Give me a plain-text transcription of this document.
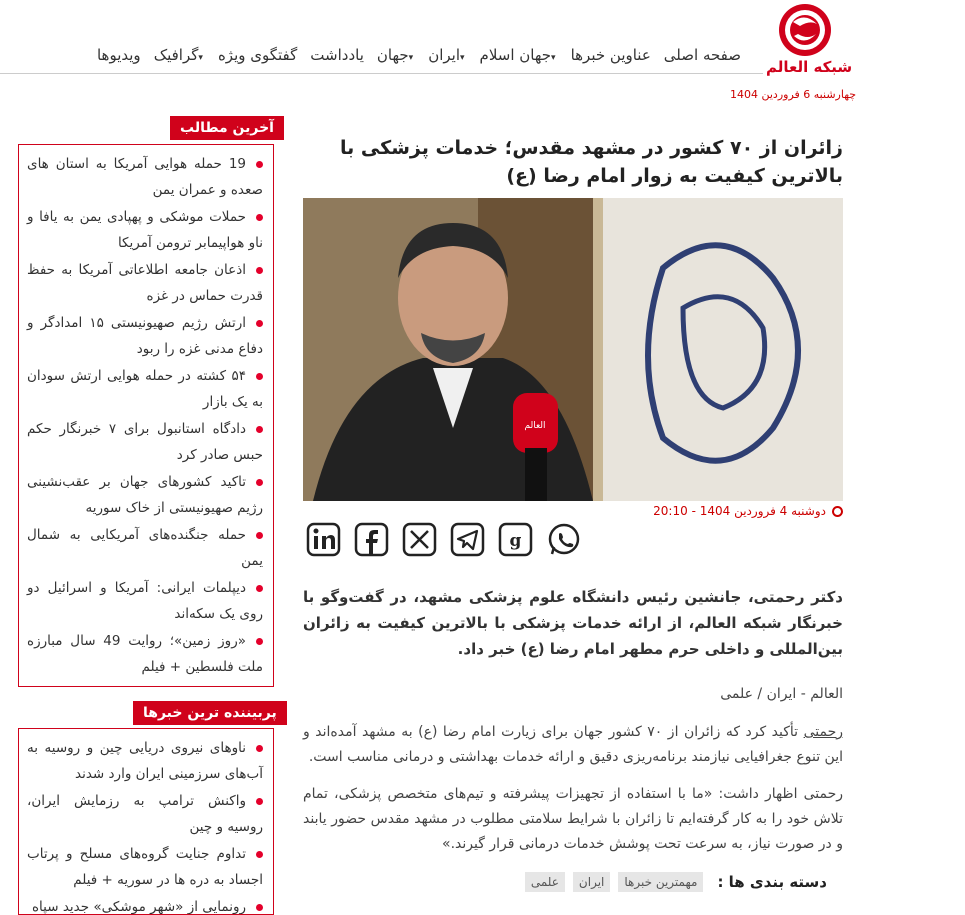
شبکه العالم
چهارشنبه 6 فروردین 1404
صفحه اصلی
عناوین خبرها
جهان اسلام▾
ایران▾
جهان▾
یادداشت
گفتگوی ویژه
گرافیک▾
ویدیوها
زائران از ۷۰ کشور در مشهد مقدس؛ خدمات پزشکی با بالاترین کیفیت به زوار امام رضا (ع)
العالم
دوشنبه 4 فروردین 1404 - 20:10
g

دکتر رحمتی، جانشین رئیس دانشگاه علوم پزشکی مشهد، در گفت‌وگو با خبرنگار شبکه العالم، از ارائه خدمات پزشکی با بالاترین کیفیت به زائران بین‌المللی و داخلی حرم مطهر امام رضا (ع) خبر داد.

العالم - ایران / علمی

رحمتی تأکید کرد که زائران از ۷۰ کشور جهان برای زیارت امام رضا (ع) به مشهد آمده‌اند و این تنوع جغرافیایی نیازمند برنامه‌ریزی دقیق و ارائه خدمات بهداشتی و درمانی مناسب است.

رحمتی اظهار داشت: «ما با استفاده از تجهیزات پیشرفته و تیم‌های متخصص پزشکی، تمام تلاش خود را به کار گرفته‌ایم تا زائران با شرایط سلامتی مطلوب در مشهد مقدس حضور یابند و در صورت نیاز، به سرعت تحت پوشش خدمات درمانی قرار گیرند.»

دسته بندی ها :
مهمترین خبرها
ایران
علمی
19 حمله هوایی آمریکا به استان های صعده و عمران یمن
حملات موشکی و پهپادی یمن به یافا و ناو هواپیمابر ترومن آمریکا
اذعان جامعه اطلاعاتی آمریکا به حفظ قدرت حماس در غزه
ارتش رژیم صهیونیستی ۱۵ امدادگر و دفاع مدنی غزه را ربود
۵۴ کشته در حمله هوایی ارتش سودان به یک بازار
دادگاه استانبول برای ۷ خبرنگار حکم حبس صادر کرد
تاکید کشورهای جهان بر عقب‌نشینی رژیم صهیونیستی از خاک سوریه
حمله جنگنده‌های آمریکایی به شمال یمن
دیپلمات ایرانی: آمریکا و اسرائیل دو روی یک سکه‌اند
«روز زمین»؛ روایت 49 سال مبارزه ملت فلسطین + فیلم
آخرین مطالب
ناوهای نیروی دریایی چین و روسیه به آب‌های سرزمینی ایران وارد شدند
واکنش ترامپ به رزمایش ایران، روسیه و چین
تداوم جنایت گروه‌های مسلح و پرتاب اجساد به دره ها در سوریه + فیلم
رونمایی از «شهر موشکی» جدید سپاه
پربیننده ترین خبرها
